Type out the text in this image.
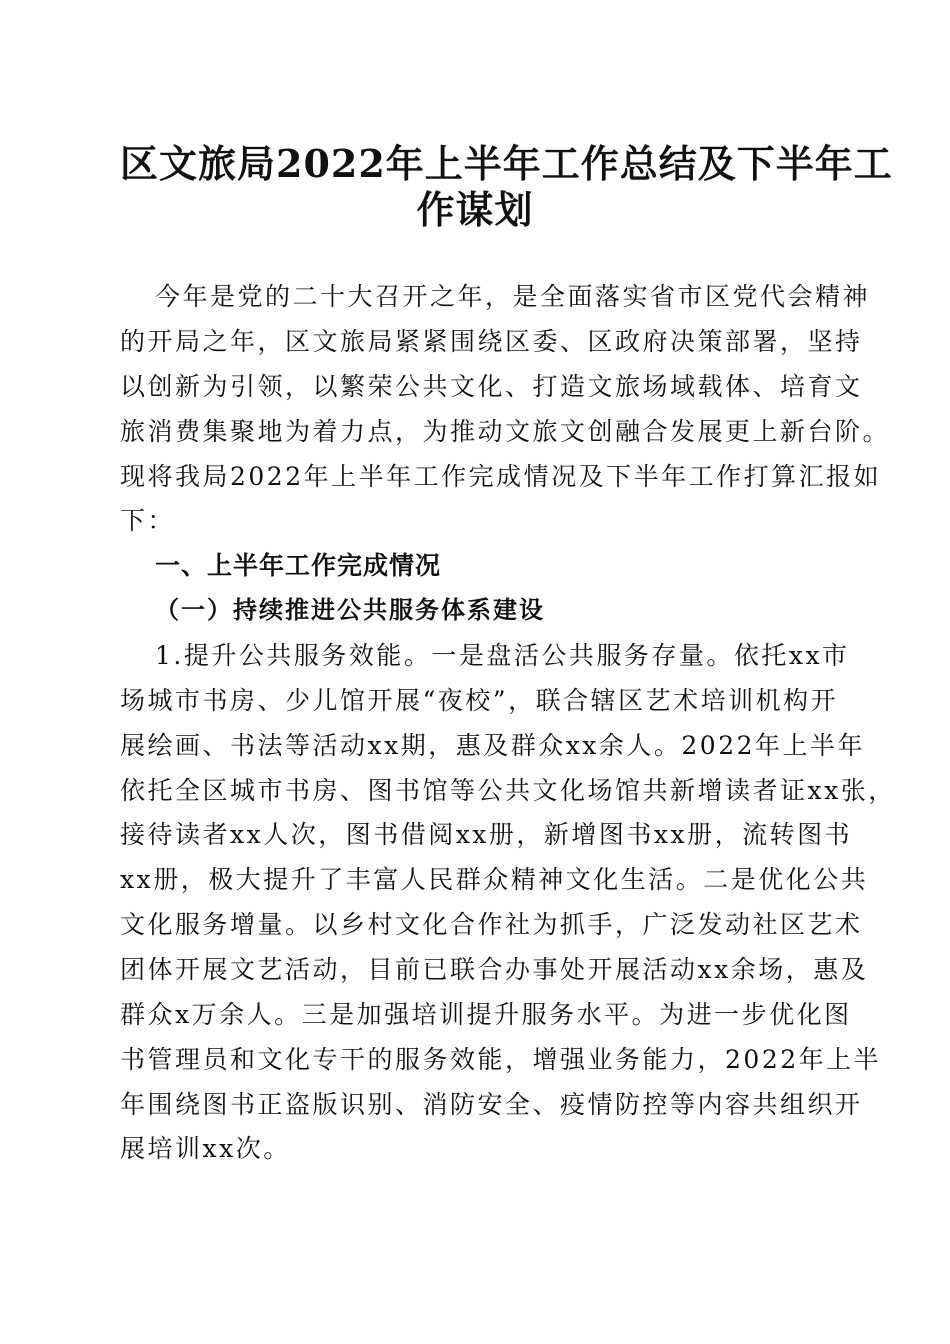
区文旅局2022年上半年工作总结及下半年工
作谋划

今年是党的二十大召开之年，是全面落实省市区党代会精神

的开局之年，区文旅局紧紧围绕区委、区政府决策部署，坚持

以创新为引领，以繁荣公共文化、打造文旅场域载体、培育文

旅消费集聚地为着力点，为推动文旅文创融合发展更上新台阶。

现将我局2022年上半年工作完成情况及下半年工作打算汇报如

下：

一、上半年工作完成情况
（一）持续推进公共服务体系建设

1.提升公共服务效能。一是盘活公共服务存量。依托xx市

场城市书房、少儿馆开展“夜校”，联合辖区艺术培训机构开

展绘画、书法等活动xx期，惠及群众xx余人。2022年上半年

依托全区城市书房、图书馆等公共文化场馆共新增读者证xx张，

接待读者xx人次，图书借阅xx册，新增图书xx册，流转图书

xx册，极大提升了丰富人民群众精神文化生活。二是优化公共

文化服务增量。以乡村文化合作社为抓手，广泛发动社区艺术

团体开展文艺活动，目前已联合办事处开展活动xx余场，惠及

群众x万余人。三是加强培训提升服务水平。为进一步优化图

书管理员和文化专干的服务效能，增强业务能力，2022年上半

年围绕图书正盗版识别、消防安全、疫情防控等内容共组织开

展培训xx次。
